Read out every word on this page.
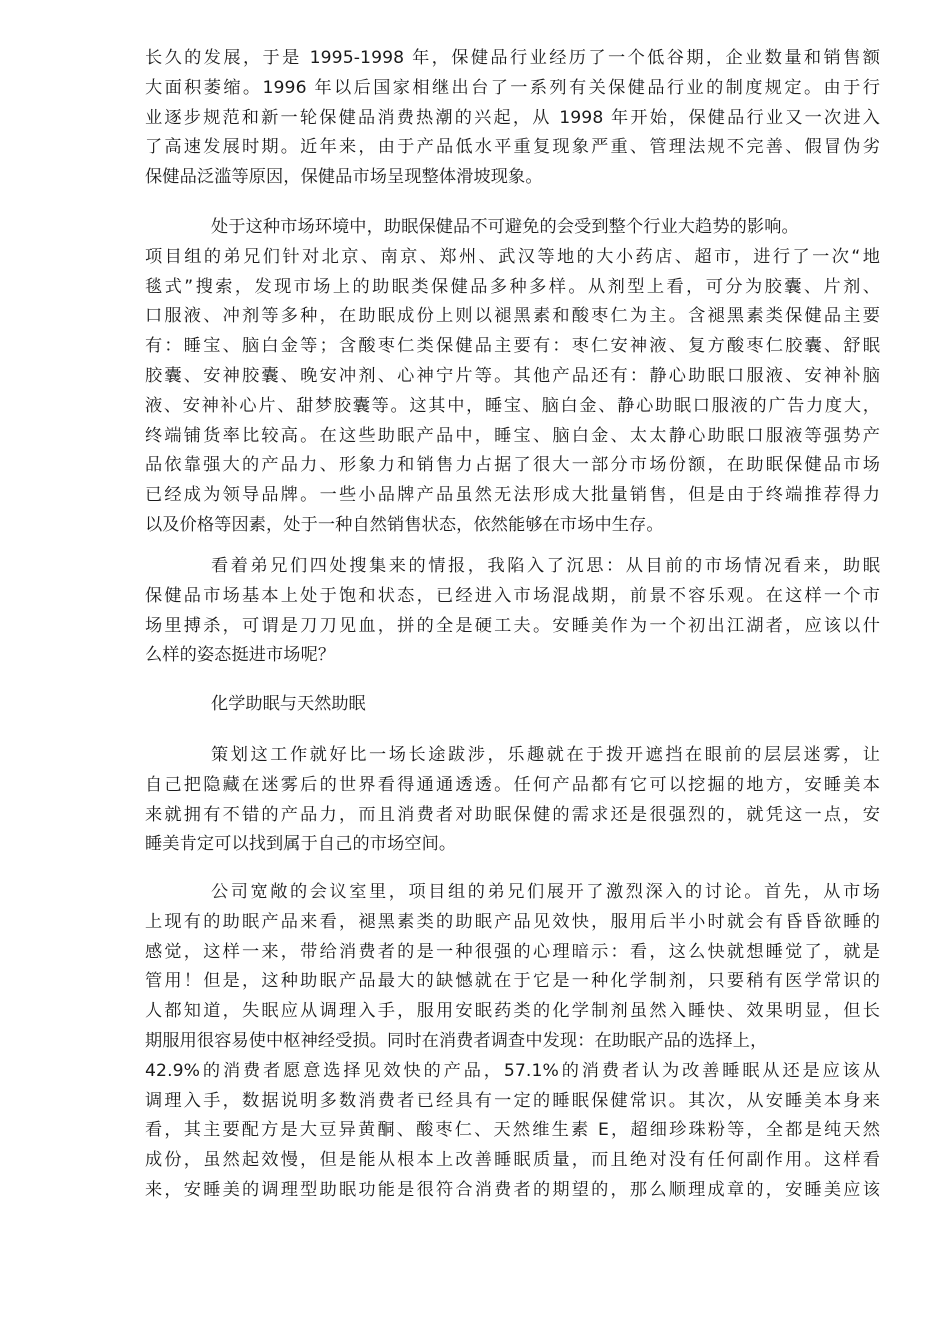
长久的发展，于是 1995-1998 年，保健品行业经历了一个低谷期，企业数量和销售额
大面积萎缩。1996 年以后国家相继出台了一系列有关保健品行业的制度规定。由于行
业逐步规范和新一轮保健品消费热潮的兴起，从 1998 年开始，保健品行业又一次进入
了高速发展时期。近年来，由于产品低水平重复现象严重、管理法规不完善、假冒伪劣
保健品泛滥等原因，保健品市场呈现整体滑坡现象。
处于这种市场环境中，助眠保健品不可避免的会受到整个行业大趋势的影响。
项目组的弟兄们针对北京、南京、郑州、武汉等地的大小药店、超市，进行了一次“地
毯式”搜索，发现市场上的助眠类保健品多种多样。从剂型上看，可分为胶囊、片剂、
口服液、冲剂等多种，在助眠成份上则以褪黑素和酸枣仁为主。含褪黑素类保健品主要
有：睡宝、脑白金等；含酸枣仁类保健品主要有：枣仁安神液、复方酸枣仁胶囊、舒眠
胶囊、安神胶囊、晚安冲剂、心神宁片等。其他产品还有：静心助眠口服液、安神补脑
液、安神补心片、甜梦胶囊等。这其中，睡宝、脑白金、静心助眠口服液的广告力度大，
终端铺货率比较高。在这些助眠产品中，睡宝、脑白金、太太静心助眠口服液等强势产
品依靠强大的产品力、形象力和销售力占据了很大一部分市场份额，在助眠保健品市场
已经成为领导品牌。一些小品牌产品虽然无法形成大批量销售，但是由于终端推荐得力
以及价格等因素，处于一种自然销售状态，依然能够在市场中生存。
看着弟兄们四处搜集来的情报，我陷入了沉思：从目前的市场情况看来，助眠
保健品市场基本上处于饱和状态，已经进入市场混战期，前景不容乐观。在这样一个市
场里搏杀，可谓是刀刀见血，拼的全是硬工夫。安睡美作为一个初出江湖者，应该以什
么样的姿态挺进市场呢？
化学助眠与天然助眠
策划这工作就好比一场长途跋涉，乐趣就在于拨开遮挡在眼前的层层迷雾，让
自己把隐藏在迷雾后的世界看得通通透透。任何产品都有它可以挖掘的地方，安睡美本
来就拥有不错的产品力，而且消费者对助眠保健的需求还是很强烈的，就凭这一点，安
睡美肯定可以找到属于自己的市场空间。
公司宽敞的会议室里，项目组的弟兄们展开了激烈深入的讨论。首先，从市场
上现有的助眠产品来看，褪黑素类的助眠产品见效快，服用后半小时就会有昏昏欲睡的
感觉，这样一来，带给消费者的是一种很强的心理暗示：看，这么快就想睡觉了，就是
管用！但是，这种助眠产品最大的缺憾就在于它是一种化学制剂，只要稍有医学常识的
人都知道，失眠应从调理入手，服用安眠药类的化学制剂虽然入睡快、效果明显，但长
期服用很容易使中枢神经受损。同时在消费者调查中发现：在助眠产品的选择上，
42.9%的消费者愿意选择见效快的产品，57.1%的消费者认为改善睡眠从还是应该从
调理入手，数据说明多数消费者已经具有一定的睡眠保健常识。其次，从安睡美本身来
看，其主要配方是大豆异黄酮、酸枣仁、天然维生素 E，超细珍珠粉等，全都是纯天然
成份，虽然起效慢，但是能从根本上改善睡眠质量，而且绝对没有任何副作用。这样看
来，安睡美的调理型助眠功能是很符合消费者的期望的，那么顺理成章的，安睡美应该
